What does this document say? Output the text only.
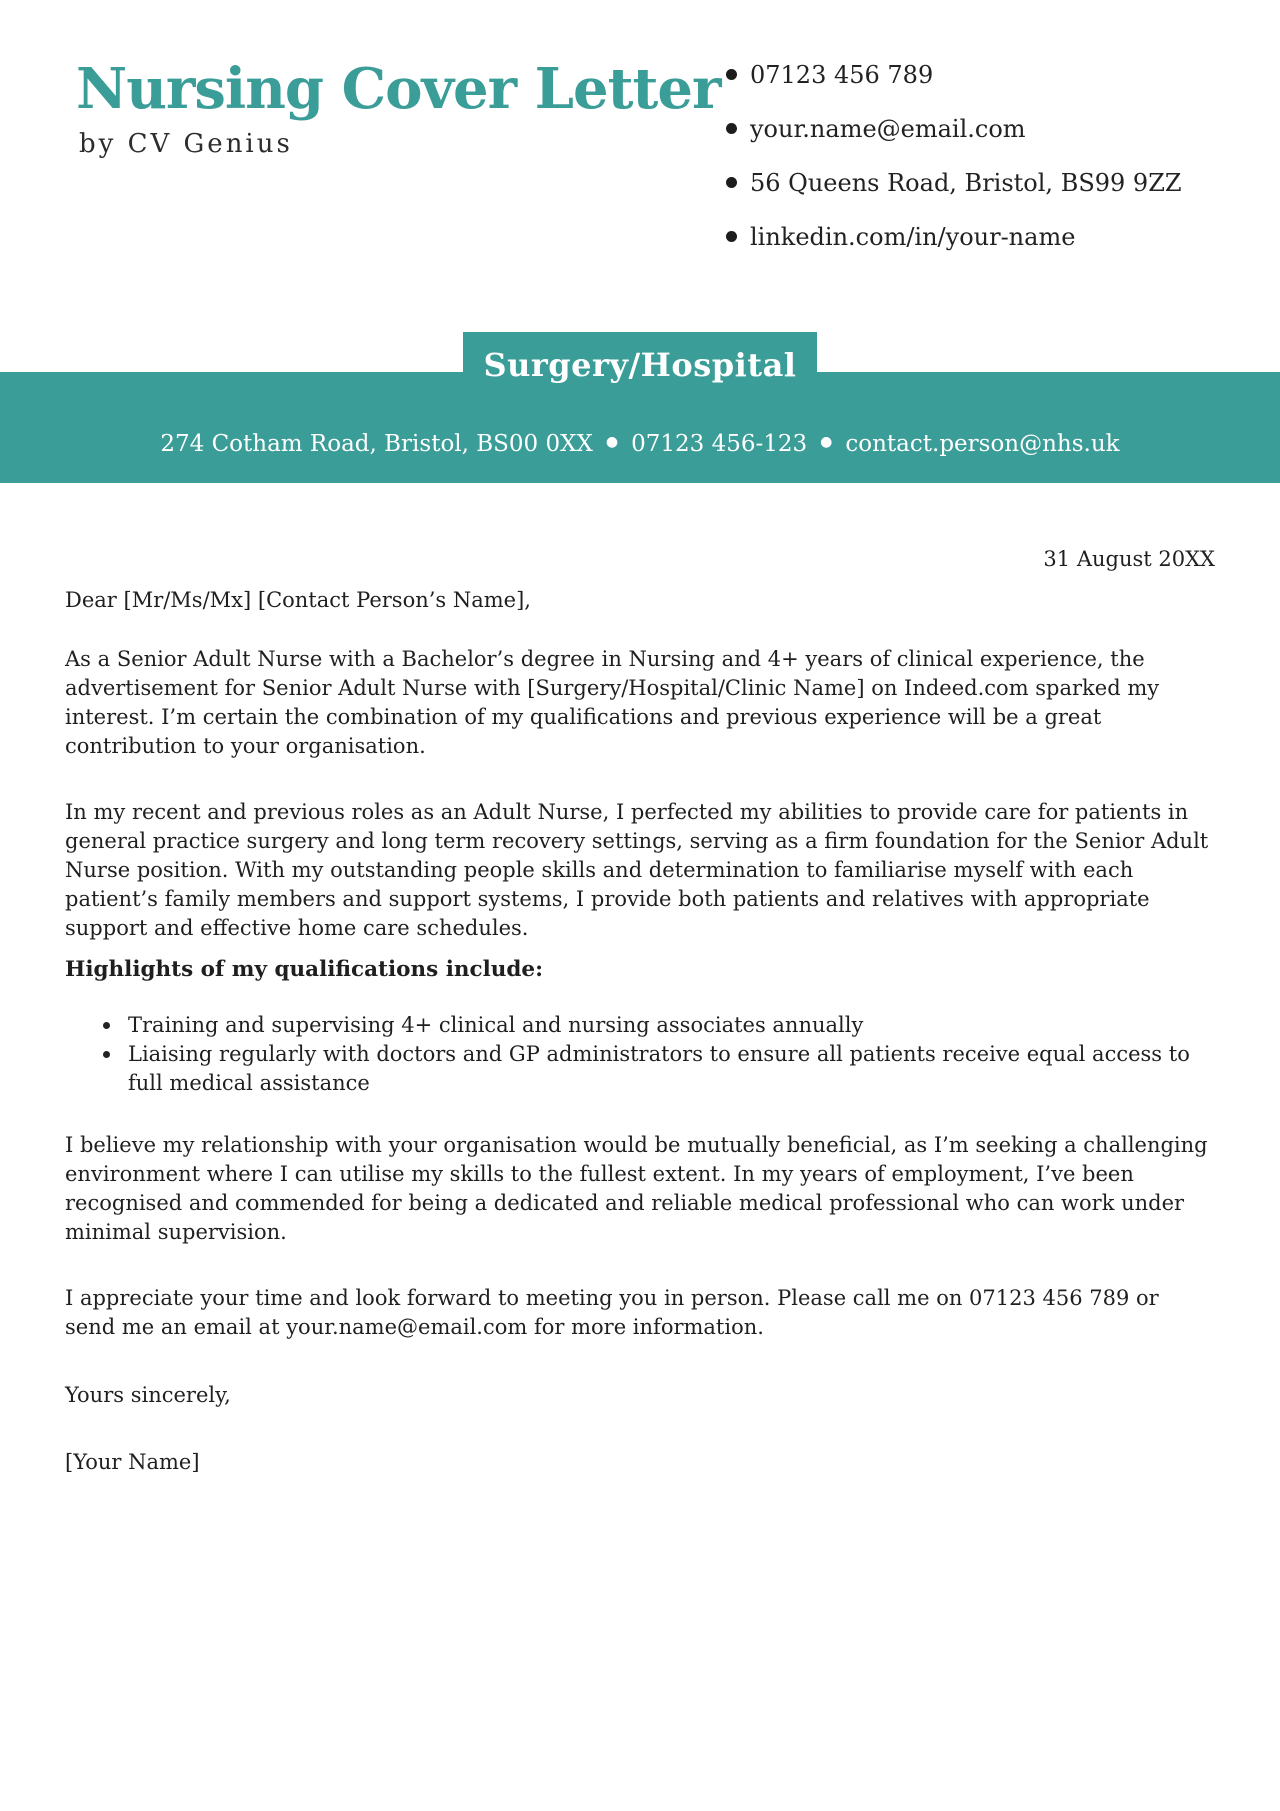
Nursing Cover Letter
by CV Genius
07123 456 789
your.name@email.com
56 Queens Road, Bristol, BS99 9ZZ
linkedin.com/in/your-name
Surgery/Hospital
274 Cotham Road, Bristol, BS00 0XX ● 07123 456-123 ● contact.person@nhs.uk
31 August 20XX
Dear [Mr/Ms/Mx] [Contact Person’s Name],

As a Senior Adult Nurse with a Bachelor’s degree in Nursing and 4+ years of clinical experience, the advertisement for Senior Adult Nurse with [Surgery/Hospital/Clinic Name] on Indeed.com sparked my interest. I’m certain the combination of my qualifications and previous experience will be a great contribution to your organisation.

In my recent and previous roles as an Adult Nurse, I perfected my abilities to provide care for patients in general practice surgery and long term recovery settings, serving as a firm foundation for the Senior Adult Nurse position. With my outstanding people skills and determination to familiarise myself with each patient’s family members and support systems, I provide both patients and relatives with appropriate support and effective home care schedules.

Highlights of my qualifications include:
Training and supervising 4+ clinical and nursing associates annually
Liaising regularly with doctors and GP administrators to ensure all patients receive equal access to full medical assistance

I believe my relationship with your organisation would be mutually beneficial, as I’m seeking a challenging environment where I can utilise my skills to the fullest extent. In my years of employment, I’ve been recognised and commended for being a dedicated and reliable medical professional who can work under minimal supervision.

I appreciate your time and look forward to meeting you in person. Please call me on 07123 456 789 or send me an email at your.name@email.com for more information.

Yours sincerely,
[Your Name]
